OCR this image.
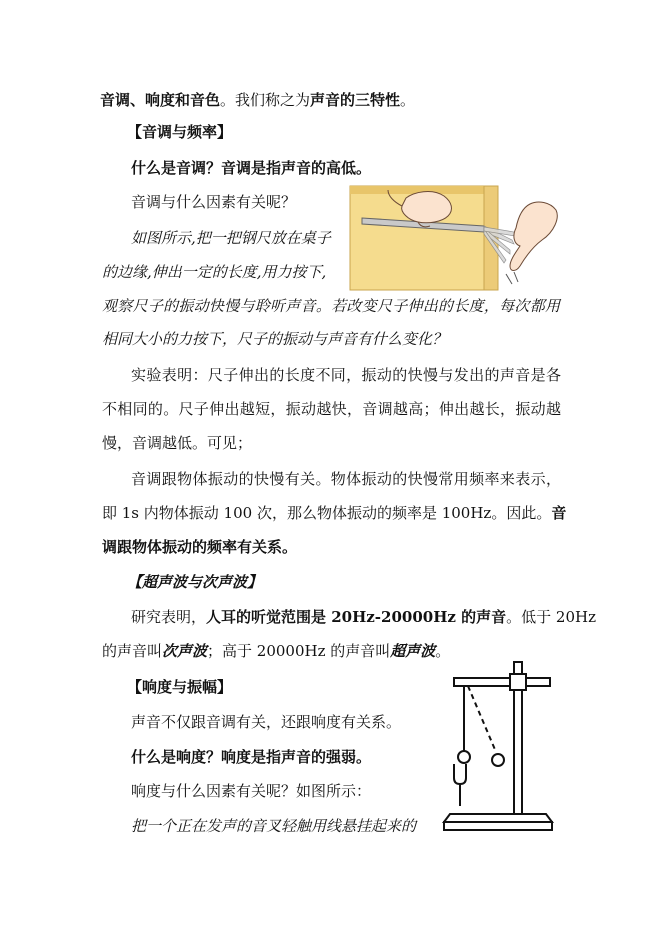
音调、响度和音色。我们称之为声音的三特性。
【音调与频率】
什么是音调？音调是指声音的高低。
音调与什么因素有关呢？
如图所示,把一把钢尺放在桌子
的边缘,伸出一定的长度,用力按下,
观察尺子的振动快慢与聆听声音。若改变尺子伸出的长度，每次都用
相同大小的力按下，尺子的振动与声音有什么变化？
实验表明：尺子伸出的长度不同，振动的快慢与发出的声音是各
不相同的。尺子伸出越短，振动越快，音调越高；伸出越长，振动越
慢，音调越低。可见；
音调跟物体振动的快慢有关。物体振动的快慢常用频率来表示，
即 1s 内物体振动 100 次，那么物体振动的频率是 100Hz。因此。音
调跟物体振动的频率有关系。
【超声波与次声波】
研究表明，人耳的听觉范围是 20Hz-20000Hz 的声音。低于 20Hz
的声音叫次声波；高于 20000Hz 的声音叫超声波。
【响度与振幅】
声音不仅跟音调有关，还跟响度有关系。
什么是响度？响度是指声音的强弱。
响度与什么因素有关呢？如图所示：
把一个正在发声的音叉轻触用线悬挂起来的
